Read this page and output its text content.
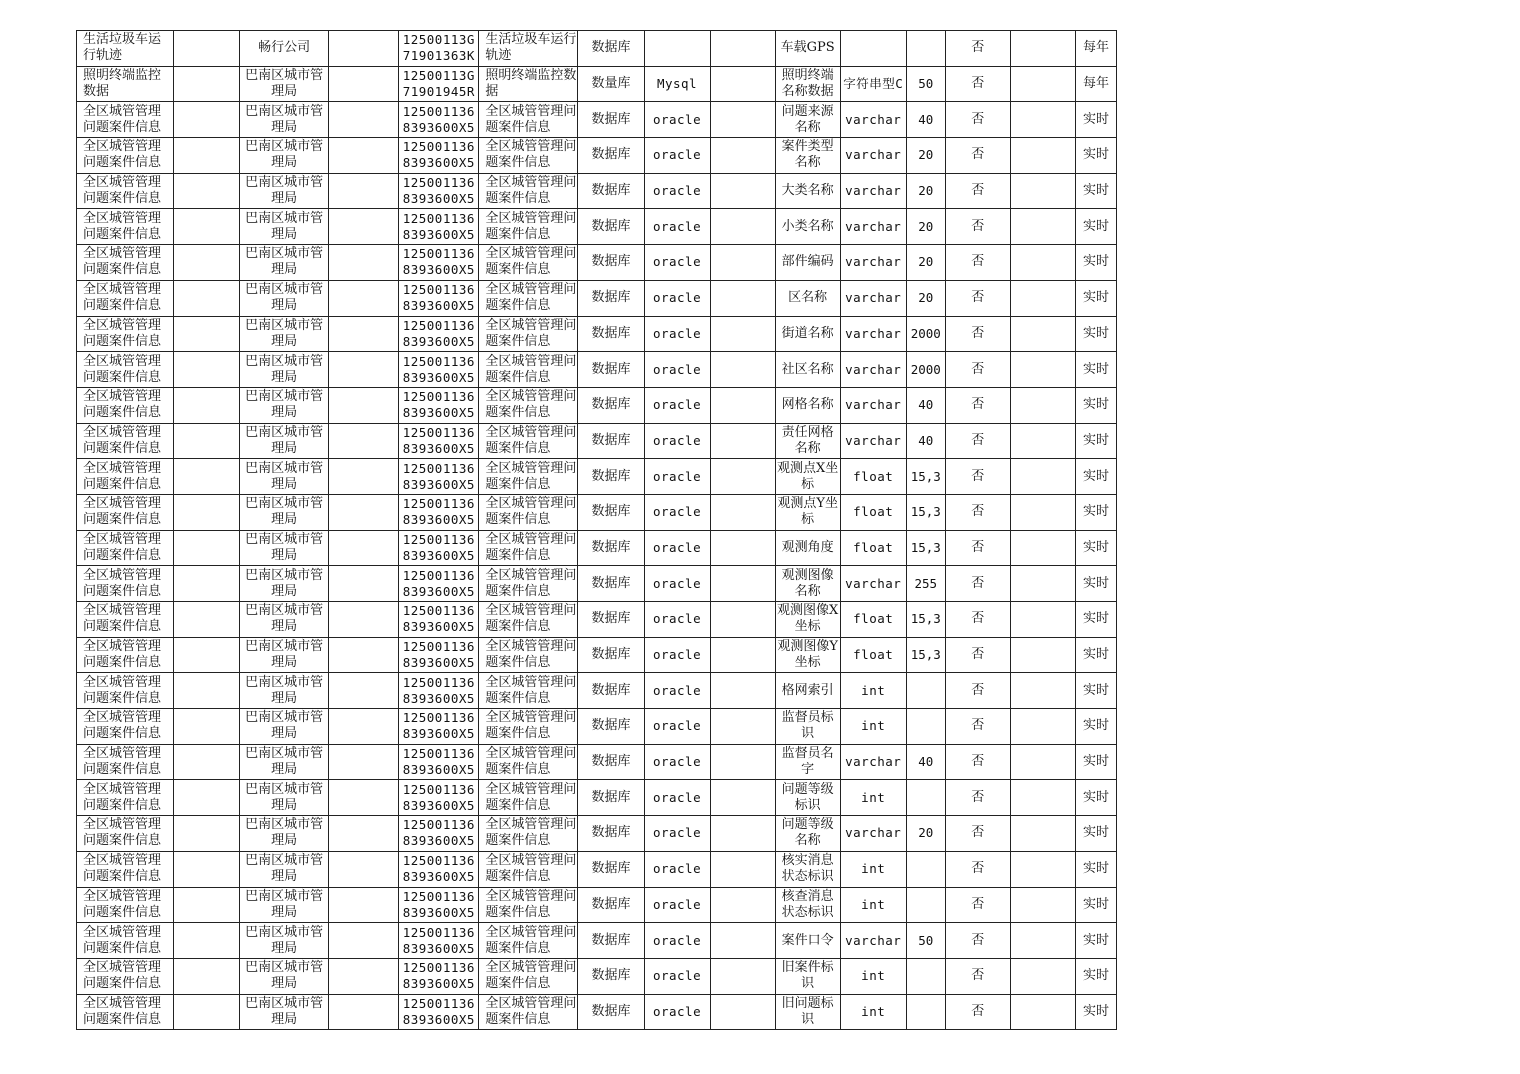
生活垃圾车运行轨迹		畅行公司		12500113G71901363K	生活垃圾车运行轨迹	数据库			车载GPS			否		每年
照明终端监控数据		巴南区城市管理局		12500113G71901945R	照明终端监控数据	数量库	Mysql		照明终端名称数据	字符串型C	50	否		每年
全区城管管理问题案件信息		巴南区城市管理局		1250011368393600X5	全区城管管理问题案件信息	数据库	oracle		问题来源名称	varchar	40	否		实时
全区城管管理问题案件信息		巴南区城市管理局		1250011368393600X5	全区城管管理问题案件信息	数据库	oracle		案件类型名称	varchar	20	否		实时
全区城管管理问题案件信息		巴南区城市管理局		1250011368393600X5	全区城管管理问题案件信息	数据库	oracle		大类名称	varchar	20	否		实时
全区城管管理问题案件信息		巴南区城市管理局		1250011368393600X5	全区城管管理问题案件信息	数据库	oracle		小类名称	varchar	20	否		实时
全区城管管理问题案件信息		巴南区城市管理局		1250011368393600X5	全区城管管理问题案件信息	数据库	oracle		部件编码	varchar	20	否		实时
全区城管管理问题案件信息		巴南区城市管理局		1250011368393600X5	全区城管管理问题案件信息	数据库	oracle		区名称	varchar	20	否		实时
全区城管管理问题案件信息		巴南区城市管理局		1250011368393600X5	全区城管管理问题案件信息	数据库	oracle		街道名称	varchar	2000	否		实时
全区城管管理问题案件信息		巴南区城市管理局		1250011368393600X5	全区城管管理问题案件信息	数据库	oracle		社区名称	varchar	2000	否		实时
全区城管管理问题案件信息		巴南区城市管理局		1250011368393600X5	全区城管管理问题案件信息	数据库	oracle		网格名称	varchar	40	否		实时
全区城管管理问题案件信息		巴南区城市管理局		1250011368393600X5	全区城管管理问题案件信息	数据库	oracle		责任网格名称	varchar	40	否		实时
全区城管管理问题案件信息		巴南区城市管理局		1250011368393600X5	全区城管管理问题案件信息	数据库	oracle		观测点X坐标	float	15,3	否		实时
全区城管管理问题案件信息		巴南区城市管理局		1250011368393600X5	全区城管管理问题案件信息	数据库	oracle		观测点Y坐标	float	15,3	否		实时
全区城管管理问题案件信息		巴南区城市管理局		1250011368393600X5	全区城管管理问题案件信息	数据库	oracle		观测角度	float	15,3	否		实时
全区城管管理问题案件信息		巴南区城市管理局		1250011368393600X5	全区城管管理问题案件信息	数据库	oracle		观测图像名称	varchar	255	否		实时
全区城管管理问题案件信息		巴南区城市管理局		1250011368393600X5	全区城管管理问题案件信息	数据库	oracle		观测图像X坐标	float	15,3	否		实时
全区城管管理问题案件信息		巴南区城市管理局		1250011368393600X5	全区城管管理问题案件信息	数据库	oracle		观测图像Y坐标	float	15,3	否		实时
全区城管管理问题案件信息		巴南区城市管理局		1250011368393600X5	全区城管管理问题案件信息	数据库	oracle		格网索引	int		否		实时
全区城管管理问题案件信息		巴南区城市管理局		1250011368393600X5	全区城管管理问题案件信息	数据库	oracle		监督员标识	int		否		实时
全区城管管理问题案件信息		巴南区城市管理局		1250011368393600X5	全区城管管理问题案件信息	数据库	oracle		监督员名字	varchar	40	否		实时
全区城管管理问题案件信息		巴南区城市管理局		1250011368393600X5	全区城管管理问题案件信息	数据库	oracle		问题等级标识	int		否		实时
全区城管管理问题案件信息		巴南区城市管理局		1250011368393600X5	全区城管管理问题案件信息	数据库	oracle		问题等级名称	varchar	20	否		实时
全区城管管理问题案件信息		巴南区城市管理局		1250011368393600X5	全区城管管理问题案件信息	数据库	oracle		核实消息状态标识	int		否		实时
全区城管管理问题案件信息		巴南区城市管理局		1250011368393600X5	全区城管管理问题案件信息	数据库	oracle		核查消息状态标识	int		否		实时
全区城管管理问题案件信息		巴南区城市管理局		1250011368393600X5	全区城管管理问题案件信息	数据库	oracle		案件口令	varchar	50	否		实时
全区城管管理问题案件信息		巴南区城市管理局		1250011368393600X5	全区城管管理问题案件信息	数据库	oracle		旧案件标识	int		否		实时
全区城管管理问题案件信息		巴南区城市管理局		1250011368393600X5	全区城管管理问题案件信息	数据库	oracle		旧问题标识	int		否		实时
